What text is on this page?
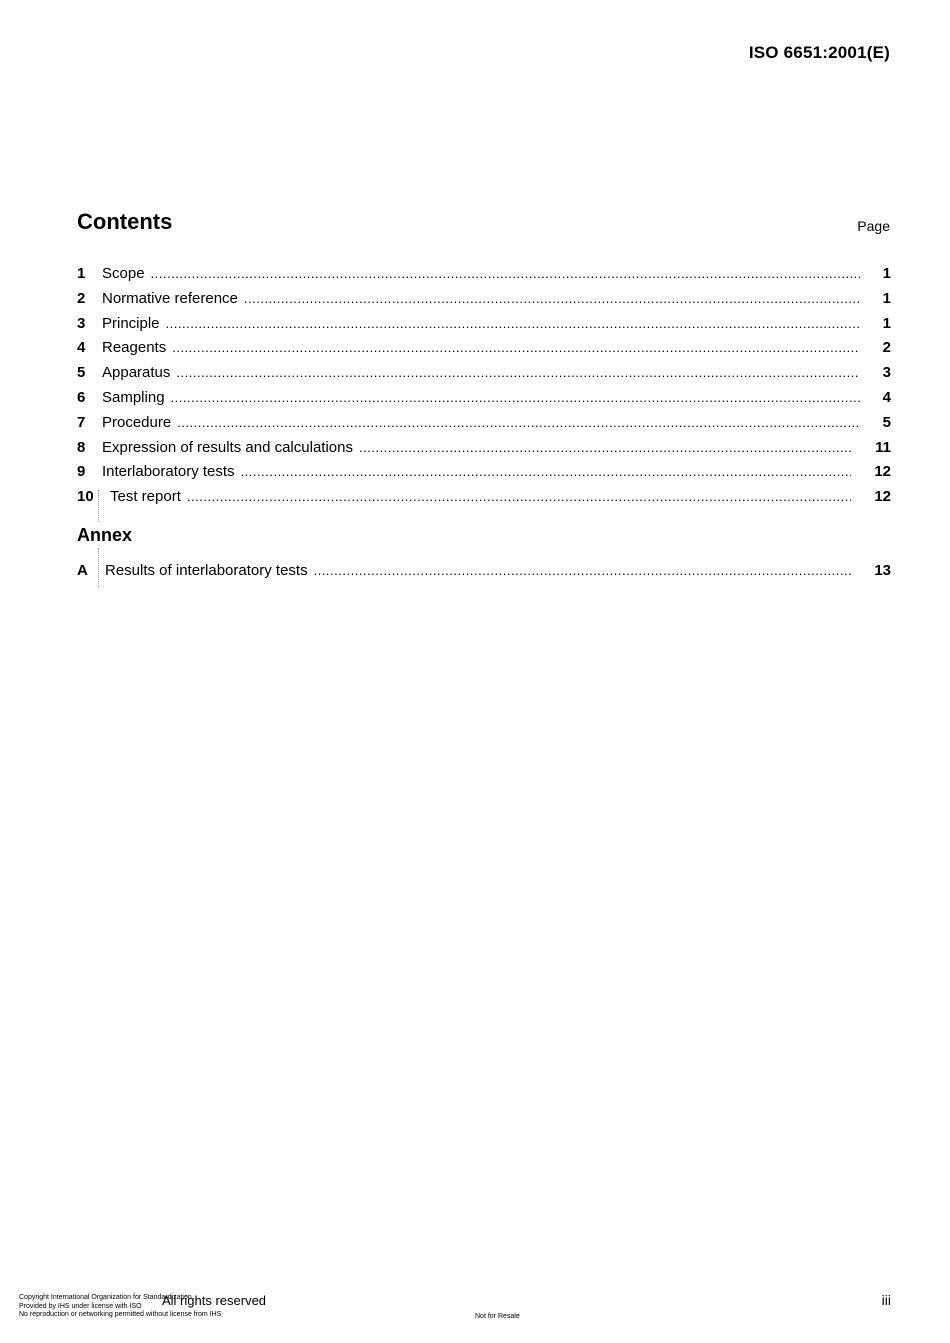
ISO 6651:2001(E)
Contents	Page
1	Scope .....	1
2	Normative reference .....	1
3	Principle .....	1
4	Reagents .....	2
5	Apparatus .....	3
6	Sampling .....	4
7	Procedure .....	5
8	Expression of results and calculations .....	11
9	Interlaboratory tests .....	12
10	Test report .....	12
Annex
A	Results of interlaboratory tests .....	13
All rights reserved
Copyright International Organization for Standardization
Provided by IHS under license with ISO
No reproduction or networking permitted without license from IHS	Not for Resale
iii
